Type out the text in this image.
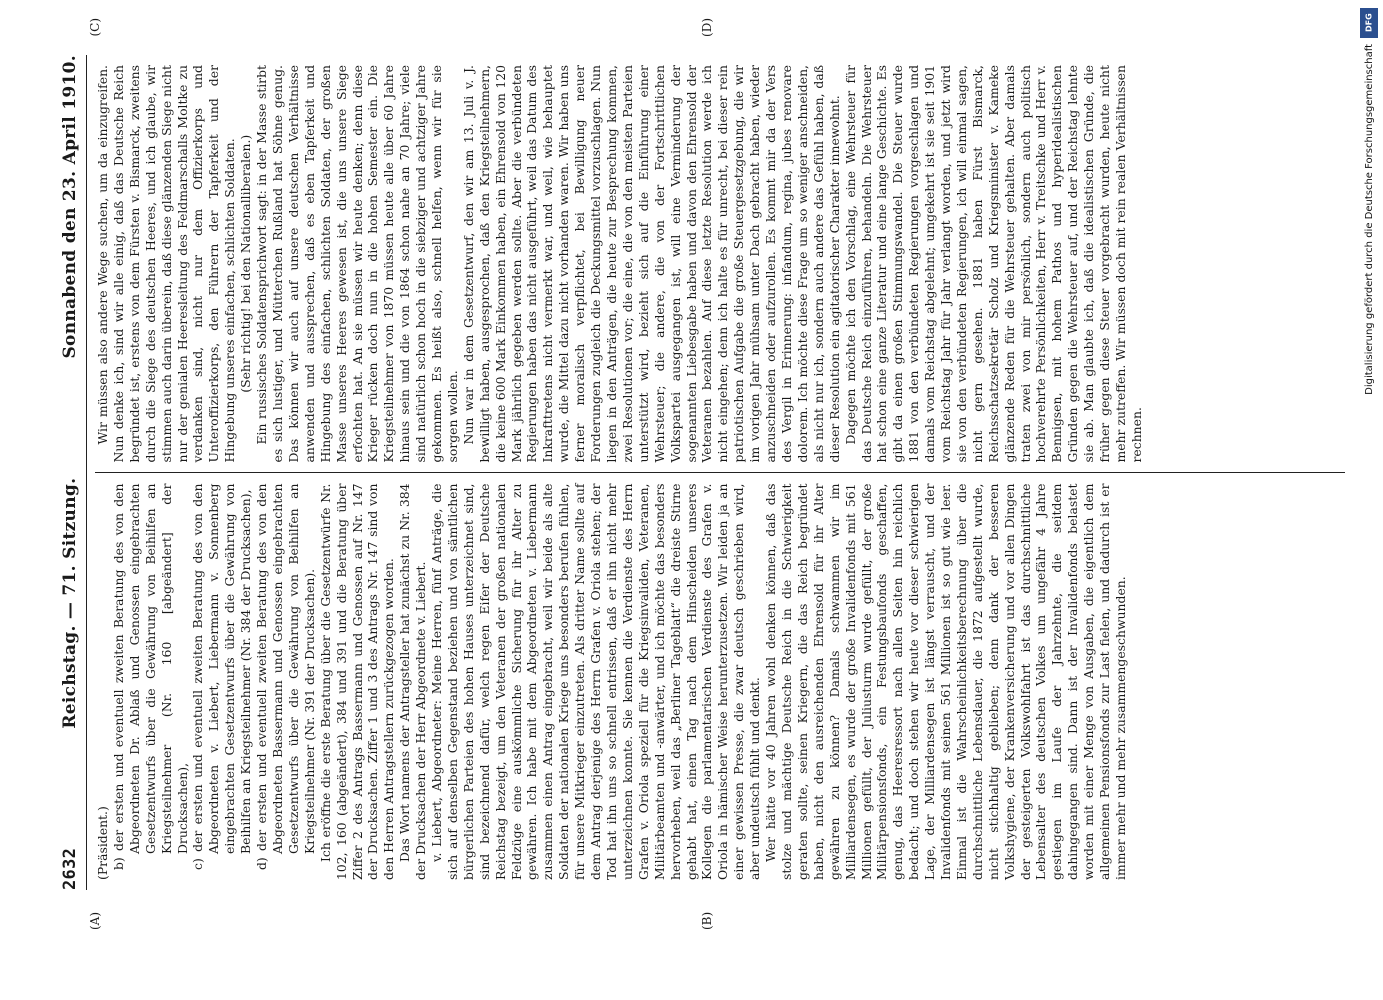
2632
Reichstag. — 71. Sitzung.
Sonnabend den 23. April 1910.

(Präsident.) b) der ersten und eventuell zweiten Beratung des von den Abgeordneten Dr. Ablaß und Genossen eingebrachten Gesetzentwurfs über die Gewährung von Beihilfen an Kriegsteilnehmer (Nr. 160 [abgeändert] der Drucksachen), c) der ersten und eventuell zweiten Beratung des von den Abgeordneten v. Liebert, Liebermann v. Sonnenberg eingebrachten Gesetzentwurfs über die Gewährung von Beihilfen an Kriegsteilnehmer (Nr. 384 der Drucksachen), d) der ersten und eventuell zweiten Beratung des von den Abgeordneten Bassermann und Genossen eingebrachten Gesetzentwurfs über die Gewährung von Beihilfen an Kriegsteilnehmer (Nr. 391 der Drucksachen). Ich eröffne die erste Beratung über die Gesetzentwürfe Nr. 102, 160 (abgeändert), 384 und 391 und die Beratung über Ziffer 2 des Antrags Bassermann und Genossen auf Nr. 147 der Drucksachen. Ziffer 1 und 3 des Antrags Nr. 147 sind von den Herren Antragstellern zurückgezogen worden. Das Wort namens der Antragsteller hat zunächst zu Nr. 384 der Drucksachen der Herr Abgeordnete v. Liebert. v. Liebert, Abgeordneter: Meine Herren, fünf Anträge, die sich auf denselben Gegenstand beziehen und von sämtlichen bürgerlichen Parteien des hohen Hauses unterzeichnet sind, sind bezeichnend dafür, welch regen Eifer der Deutsche Reichstag bezeigt, um den Veteranen der großen nationalen Feldzüge eine auskömmliche Sicherung für ihr Alter zu gewähren. Ich habe mit dem Abgeordneten v. Liebermann zusammen einen Antrag eingebracht, weil wir beide als alte Soldaten der nationalen Kriege uns besonders berufen fühlen, für unsere Mitkrieger einzutreten. Als dritter Name sollte auf dem Antrag derjenige des Herrn Grafen v. Oriola stehen; der Tod hat ihn uns so schnell entrissen, daß er ihn nicht mehr unterzeichnen konnte. Sie kennen die Verdienste des Herrn Grafen v. Oriola speziell für die Kriegsinvaliden, Veteranen, Militärbeamten und -anwärter, und ich möchte das besonders hervorheben, weil das „Berliner Tageblatt“ die dreiste Stirne gehabt hat, einen Tag nach dem Hinscheiden unseres Kollegen die parlamentarischen Verdienste des Grafen v. Oriola in hämischer Weise herunterzusetzen. Wir leiden ja an einer gewissen Presse, die zwar deutsch geschrieben wird, aber undeutsch fühlt und denkt. Wer hätte vor 40 Jahren wohl denken können, daß das stolze und mächtige Deutsche Reich in die Schwierigkeit geraten sollte, seinen Kriegern, die das Reich begründet haben, nicht den ausreichenden Ehrensold für ihr Alter gewähren zu können? Damals schwammen wir im Milliardensegen, es wurde der große Invalidenfonds mit 561 Millionen gefüllt, der Juliusturm wurde gefüllt, der große Militärpensionsfonds, ein Festungsbaufonds geschaffen, genug, das Heeresressort nach allen Seiten hin reichlich bedacht; und doch stehen wir heute vor dieser schwierigen Lage, der Milliardensegen ist längst verrauscht, und der Invalidenfonds mit seinen 561 Millionen ist so gut wie leer. Einmal ist die Wahrscheinlichkeitsberechnung über die durchschnittliche Lebensdauer, die 1872 aufgestellt wurde, nicht stichhaltig geblieben; denn dank der besseren Volkshygiene, der Krankenversicherung und vor allen Dingen der gesteigerten Volkswohlfahrt ist das durchschnittliche Lebensalter des deutschen Volkes um ungefähr 4 Jahre gestiegen im Laufe der Jahrzehnte, die seitdem dahingegangen sind. Dann ist der Invalidenfonds belastet worden mit einer Menge von Ausgaben, die eigentlich dem allgemeinen Pensionsfonds zur Last fielen, und dadurch ist er immer mehr und mehr zusammengeschwunden.

Wir müssen also andere Wege suchen, um da einzugreifen. Nun denke ich, sind wir alle einig, daß das Deutsche Reich begründet ist, erstens von dem Fürsten v. Bismarck, zweitens durch die Siege des deutschen Heeres, und ich glaube, wir stimmen auch darin überein, daß diese glänzenden Siege nicht nur der genialen Heeresleitung des Feldmarschalls Moltke zu verdanken sind, nicht nur dem Offizierkorps und Unteroffizierkorps, den Führern der Tapferkeit und der Hingebung unseres einfachen, schlichten Soldaten. (Sehr richtig! bei den Nationalliberalen.) Ein russisches Soldatensprichwort sagt: in der Masse stirbt es sich lustiger, und Mütterchen Rußland hat Söhne genug. Das können wir auch auf unsere deutschen Verhältnisse anwenden und aussprechen, daß es eben Tapferkeit und Hingebung des einfachen, schlichten Soldaten, der großen Masse unseres Heeres gewesen ist, die uns unsere Siege erfochten hat. An sie müssen wir heute denken; denn diese Krieger rücken doch nun in die hohen Semester ein. Die Kriegsteilnehmer von 1870 müssen heute alle über 60 Jahre hinaus sein und die von 1864 schon nahe an 70 Jahre; viele sind natürlich schon hoch in die siebziger und achtziger Jahre gekommen. Es heißt also, schnell helfen, wenn wir für sie sorgen wollen. Nun war in dem Gesetzentwurf, den wir am 13. Juli v. J. bewilligt haben, ausgesprochen, daß den Kriegsteilnehmern, die keine 600 Mark Einkommen haben, ein Ehrensold von 120 Mark jährlich gegeben werden sollte. Aber die verbündeten Regierungen haben das nicht ausgeführt, weil das Datum des Inkrafttretens nicht vermerkt war, und weil, wie behauptet wurde, die Mittel dazu nicht vorhanden waren. Wir haben uns ferner moralisch verpflichtet, bei Bewilligung neuer Forderungen zugleich die Deckungsmittel vorzuschlagen. Nun liegen in den Anträgen, die heute zur Besprechung kommen, zwei Resolutionen vor; die eine, die von den meisten Parteien unterstützt wird, bezieht sich auf die Einführung einer Wehrsteuer; die andere, die von der Fortschrittlichen Volkspartei ausgegangen ist, will eine Verminderung der sogenannten Liebesgabe haben und davon den Ehrensold der Veteranen bezahlen. Auf diese letzte Resolution werde ich nicht eingehen; denn ich halte es für unrecht, bei dieser rein patriotischen Aufgabe die große Steuergesetzgebung, die wir im vorigen Jahr mühsam unter Dach gebracht haben, wieder anzuschneiden oder aufzurollen. Es kommt mir da der Vers des Vergil in Erinnerung: infandum, regina, jubes renovare dolorem. Ich möchte diese Frage um so weniger anschneiden, als nicht nur ich, sondern auch andere das Gefühl haben, daß dieser Resolution ein agitatorischer Charakter innewohnt. Dagegen möchte ich den Vorschlag, eine Wehrsteuer für das Deutsche Reich einzuführen, behandeln. Die Wehrsteuer hat schon eine ganze Literatur und eine lange Geschichte. Es gibt da einen großen Stimmungswandel. Die Steuer wurde 1881 von den verbündeten Regierungen vorgeschlagen und damals vom Reichstag abgelehnt; umgekehrt ist sie seit 1901 vom Reichstag Jahr für Jahr verlangt worden, und jetzt wird sie von den verbündeten Regierungen, ich will einmal sagen, nicht gern gesehen. 1881 haben Fürst Bismarck, Reichsschatzsekretär Scholz und Kriegsminister v. Kameke glänzende Reden für die Wehrsteuer gehalten. Aber damals traten zwei von mir persönlich, sondern auch politisch hochverehrte Persönlichkeiten, Herr v. Treitschke und Herr v. Bennigsen, mit hohem Pathos und hyperidealistischen Gründen gegen die Wehrsteuer auf, und der Reichstag lehnte sie ab. Man glaubte ich, daß die idealistischen Gründe, die früher gegen diese Steuer vorgebracht wurden, heute nicht mehr zutreffen. Wir müssen doch mit rein realen Verhältnissen rechnen.

(A)	(B)
(C)	(D)	DFG
Digitalisierung gefördert durch die Deutsche Forschungsgemeinschaft
